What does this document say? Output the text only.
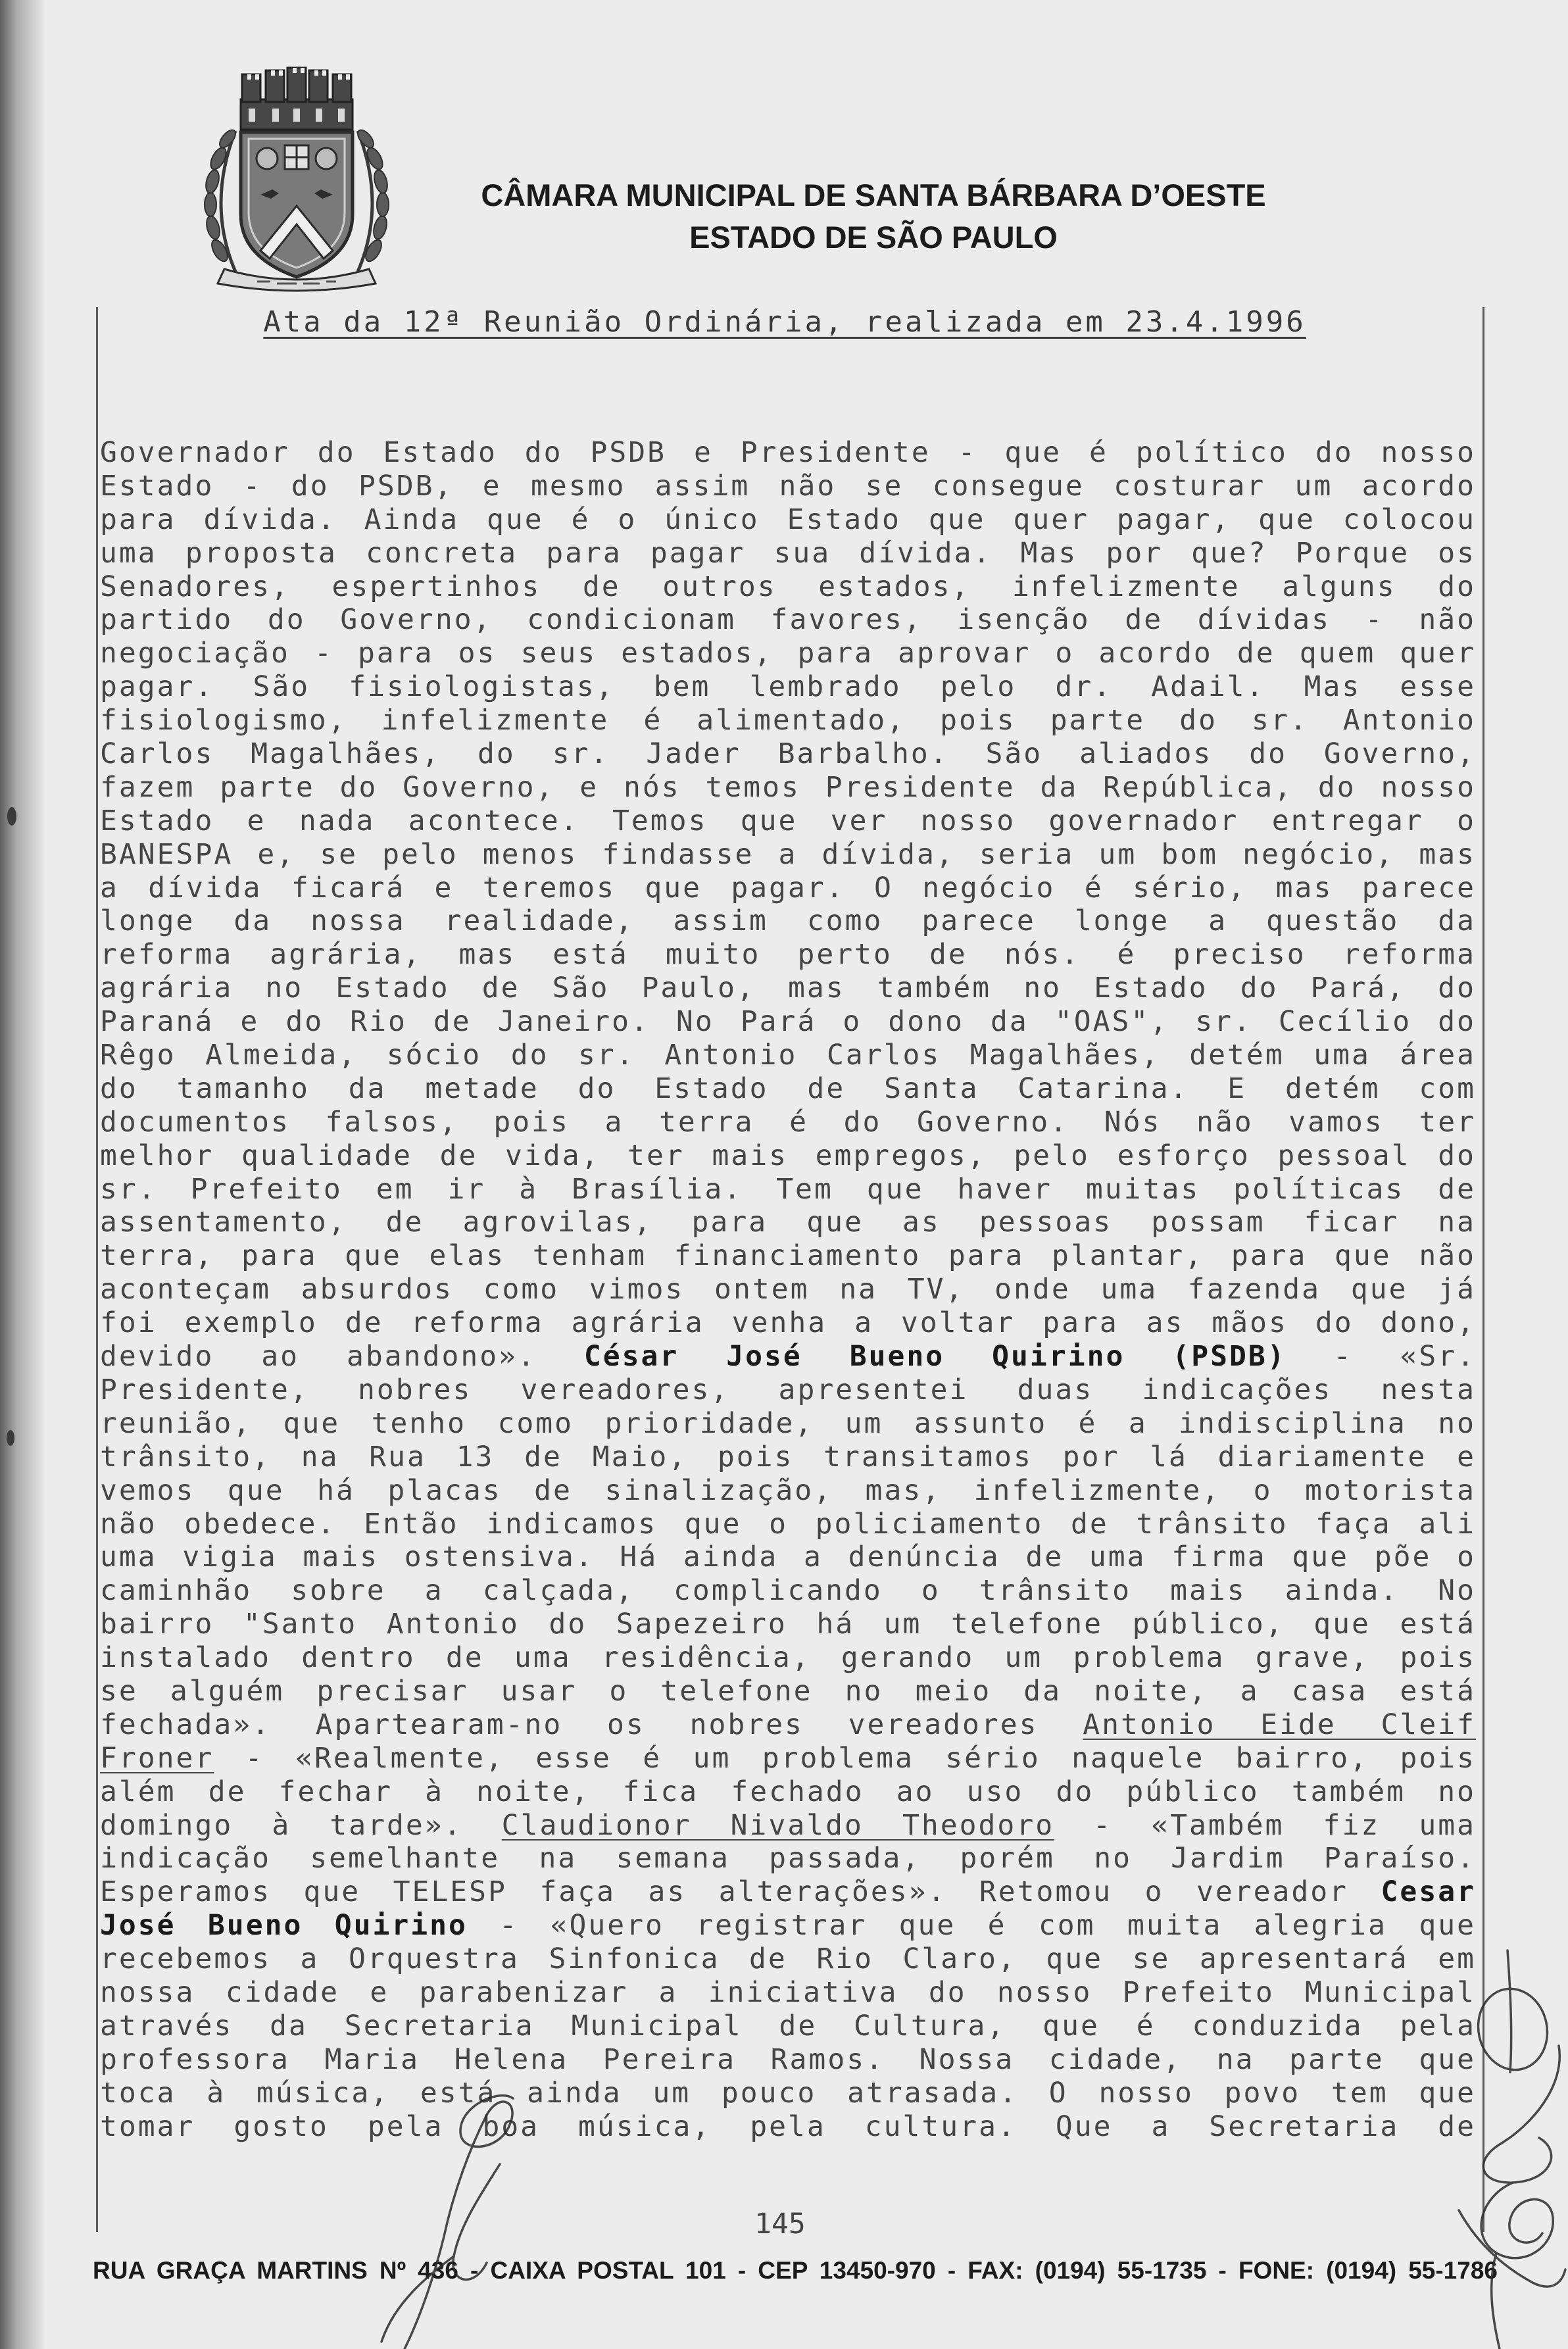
CÂMARA MUNICIPAL DE SANTA BÁRBARA D’OESTE
ESTADO DE SÃO PAULO
Ata da 12ª Reunião Ordinária, realizada em 23.4.1996
Governador do Estado do PSDB e Presidente - que é político do nosso
Estado - do PSDB, e mesmo assim não se consegue costurar um acordo
para dívida. Ainda que é o único Estado que quer pagar, que colocou
uma proposta concreta para pagar sua dívida. Mas por que? Porque os
Senadores, espertinhos de outros estados, infelizmente alguns do
partido do Governo, condicionam favores, isenção de dívidas - não
negociação - para os seus estados, para aprovar o acordo de quem quer
pagar. São fisiologistas, bem lembrado pelo dr. Adail. Mas esse
fisiologismo, infelizmente é alimentado, pois parte do sr. Antonio
Carlos Magalhães, do sr. Jader Barbalho. São aliados do Governo,
fazem parte do Governo, e nós temos Presidente da República, do nosso
Estado e nada acontece. Temos que ver nosso governador entregar o
BANESPA e, se pelo menos findasse a dívida, seria um bom negócio, mas
a dívida ficará e teremos que pagar. O negócio é sério, mas parece
longe da nossa realidade, assim como parece longe a questão da
reforma agrária, mas está muito perto de nós. é preciso reforma
agrária no Estado de São Paulo, mas também no Estado do Pará, do
Paraná e do Rio de Janeiro. No Pará o dono da "OAS", sr. Cecílio do
Rêgo Almeida, sócio do sr. Antonio Carlos Magalhães, detém uma área
do tamanho da metade do Estado de Santa Catarina. E detém com
documentos falsos, pois a terra é do Governo. Nós não vamos ter
melhor qualidade de vida, ter mais empregos, pelo esforço pessoal do
sr. Prefeito em ir à Brasília. Tem que haver muitas políticas de
assentamento, de agrovilas, para que as pessoas possam ficar na
terra, para que elas tenham financiamento para plantar, para que não
aconteçam absurdos como vimos ontem na TV, onde uma fazenda que já
foi exemplo de reforma agrária venha a voltar para as mãos do dono,
devido ao abandono». César José Bueno Quirino (PSDB) - «Sr.
Presidente, nobres vereadores, apresentei duas indicações nesta
reunião, que tenho como prioridade, um assunto é a indisciplina no
trânsito, na Rua 13 de Maio, pois transitamos por lá diariamente e
vemos que há placas de sinalização, mas, infelizmente, o motorista
não obedece. Então indicamos que o policiamento de trânsito faça ali
uma vigia mais ostensiva. Há ainda a denúncia de uma firma que põe o
caminhão sobre a calçada, complicando o trânsito mais ainda. No
bairro "Santo Antonio do Sapezeiro há um telefone público, que está
instalado dentro de uma residência, gerando um problema grave, pois
se alguém precisar usar o telefone no meio da noite, a casa está
fechada». Apartearam-no os nobres vereadores Antonio Eide Cleif
Froner - «Realmente, esse é um problema sério naquele bairro, pois
além de fechar à noite, fica fechado ao uso do público também no
domingo à tarde». Claudionor Nivaldo Theodoro - «Também fiz uma
indicação semelhante na semana passada, porém no Jardim Paraíso.
Esperamos que TELESP faça as alterações». Retomou o vereador Cesar
José Bueno Quirino - «Quero registrar que é com muita alegria que
recebemos a Orquestra Sinfonica de Rio Claro, que se apresentará em
nossa cidade e parabenizar a iniciativa do nosso Prefeito Municipal
através da Secretaria Municipal de Cultura, que é conduzida pela
professora Maria Helena Pereira Ramos. Nossa cidade, na parte que
toca à música, está ainda um pouco atrasada. O nosso povo tem que
tomar gosto pela boa música, pela cultura. Que a Secretaria de
145
RUA GRAÇA MARTINS Nº 436 - CAIXA POSTAL 101 - CEP 13450-970 - FAX: (0194) 55-1735 - FONE: (0194) 55-1786
